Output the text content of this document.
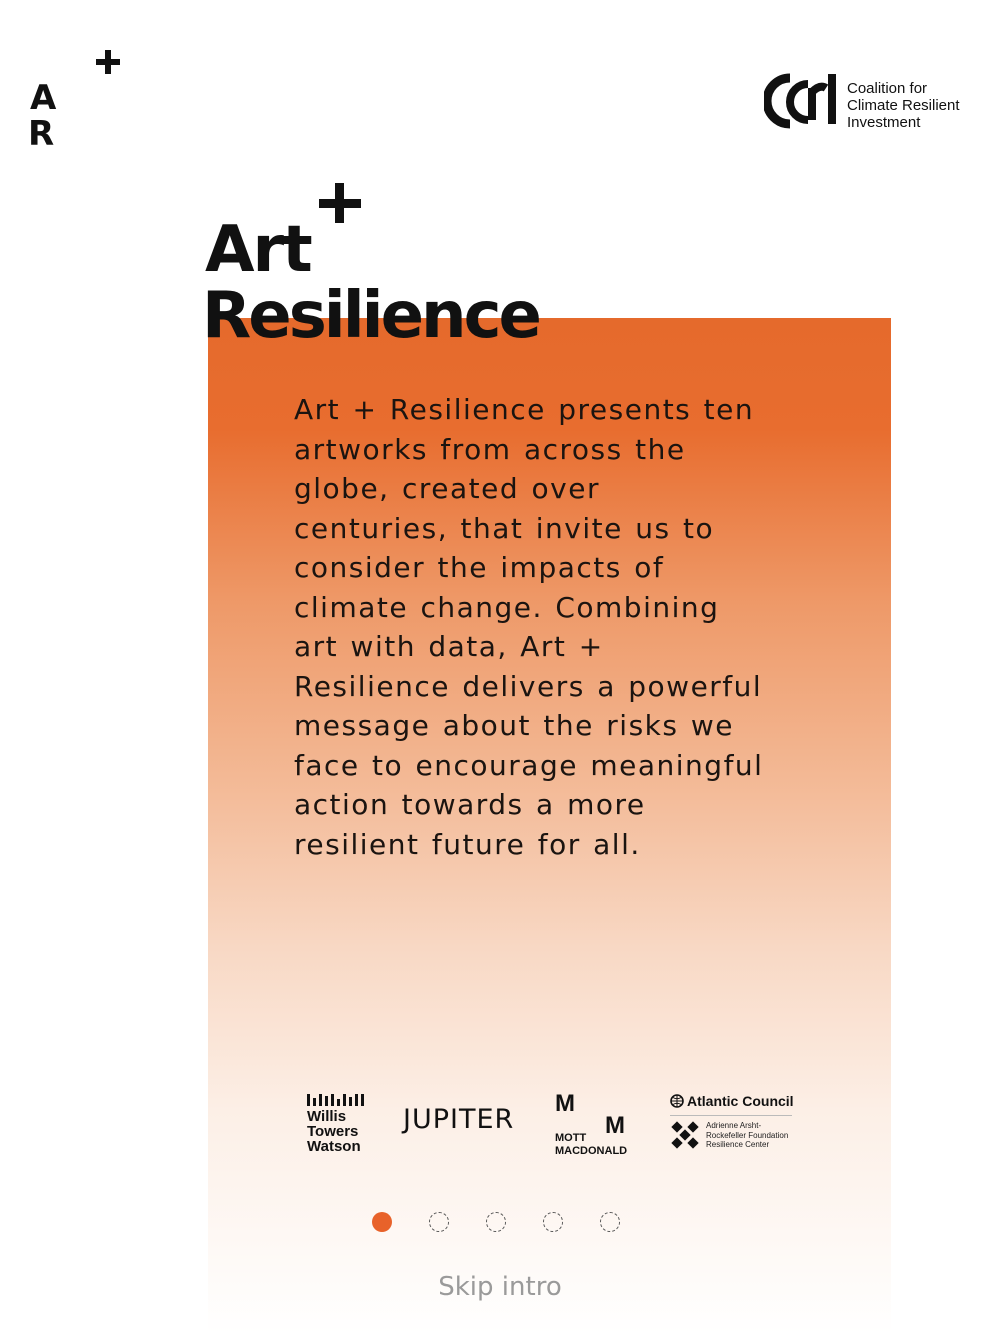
A
R
Coalition for
Climate Resilient
Investment
Art
Resilience
Art + Resilience presents ten artworks from across the globe, created over centuries, that invite us to consider the impacts of climate change. Combining art with data, Art + Resilience delivers a powerful message about the risks we face to encourage meaningful action towards a more resilient future for all.
Willis
Towers
Watson
JUPITER
M
M
MOTT
MACDONALD
Atlantic Council
Adrienne Arsht-
Rockefeller Foundation
Resilience Center
Skip intro
